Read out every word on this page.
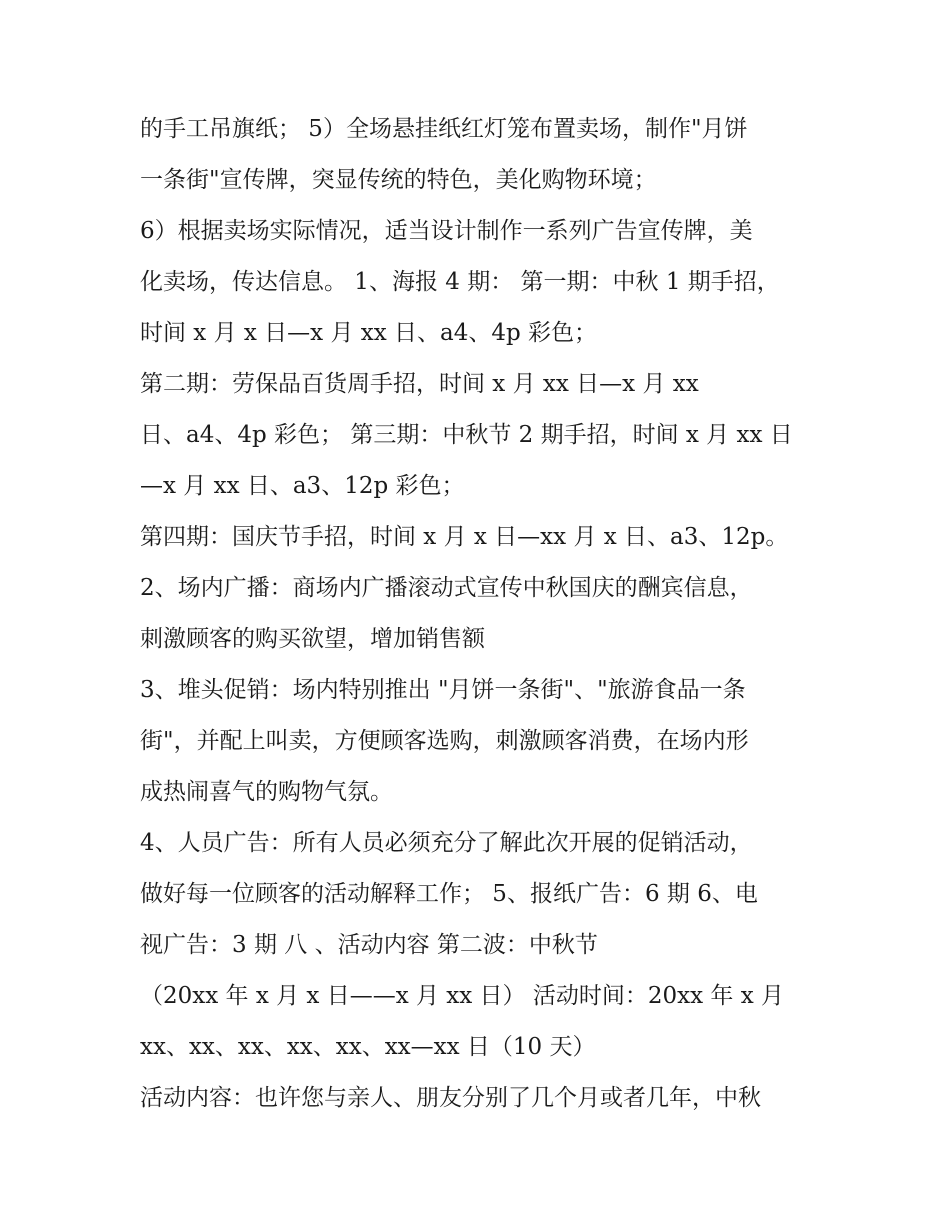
的手工吊旗纸； 5）全场悬挂纸红灯笼布置卖场，制作"月饼
一条街"宣传牌，突显传统的特色，美化购物环境；
6）根据卖场实际情况，适当设计制作一系列广告宣传牌，美
化卖场，传达信息。 1、海报 4 期： 第一期：中秋 1 期手招，
时间 x 月 x 日—x 月 xx 日、a4、4p 彩色；
第二期：劳保品百货周手招，时间 x 月 xx 日—x 月 xx
日、a4、4p 彩色； 第三期：中秋节 2 期手招，时间 x 月 xx 日
—x 月 xx 日、a3、12p 彩色；
第四期：国庆节手招，时间 x 月 x 日—xx 月 x 日、a3、12p。
2、场内广播：商场内广播滚动式宣传中秋国庆的酬宾信息，
刺激顾客的购买欲望，增加销售额
3、堆头促销：场内特别推出 "月饼一条街"、"旅游食品一条
街"，并配上叫卖，方便顾客选购，刺激顾客消费，在场内形
成热闹喜气的购物气氛。
4、人员广告：所有人员必须充分了解此次开展的促销活动，
做好每一位顾客的活动解释工作； 5、报纸广告：6 期 6、电
视广告：3 期 八 、活动内容 第二波：中秋节
（20xx 年 x 月 x 日——x 月 xx 日） 活动时间：20xx 年 x 月
xx、xx、xx、xx、xx、xx—xx 日（10 天）
活动内容：也许您与亲人、朋友分别了几个月或者几年，中秋
